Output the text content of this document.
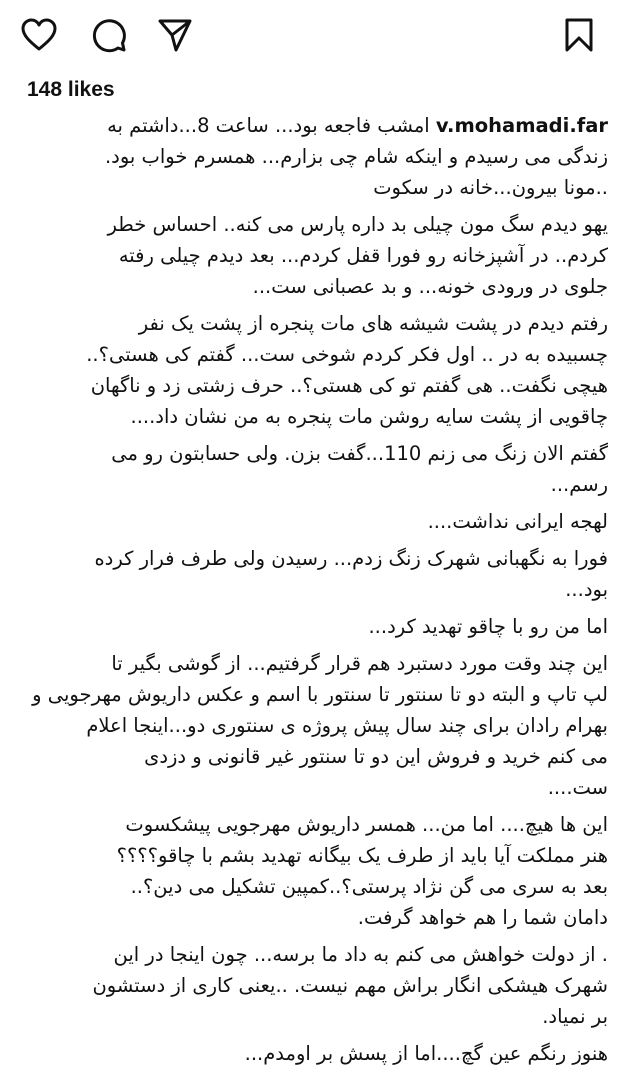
148 likes
v.mohamadi.far امشب فاجعه بود... ساعت 8...داشتم به
زندگی می رسیدم و اینکه شام چی بزارم... همسرم خواب بود.
..مونا بیرون...خانه در سکوت
یهو دیدم سگ مون چیلی بد داره پارس می کنه.. احساس خطر
کردم.. در آشپزخانه رو فورا قفل کردم... بعد دیدم چیلی رفته
جلوی در ورودی خونه... و بد عصبانی ست...
رفتم دیدم در پشت شیشه های مات پنجره از پشت یک نفر
چسبیده به در .. اول فکر کردم شوخی ست... گفتم کی هستی؟..
هیچی نگفت.. هی گفتم تو کی هستی؟.. حرف زشتی زد و ناگهان
چاقویی از پشت سایه روشن مات پنجره به من نشان داد....
گفتم الان زنگ می زنم 110...گفت بزن. ولی حسابتون رو می
رسم...
لهجه ایرانی نداشت....
فورا به نگهبانی شهرک زنگ زدم... رسیدن ولی طرف فرار کرده
بود...
اما من رو با چاقو تهدید کرد...
این چند وقت مورد دستبرد هم قرار گرفتیم... از گوشی بگیر تا
لپ تاپ و البته دو تا سنتور تا سنتور با اسم و عکس داریوش مهرجویی و
بهرام رادان برای چند سال پیش پروژه ی سنتوری دو...اینجا اعلام
می کنم خرید و فروش این دو تا سنتور غیر قانونی و دزدی
ست....
این ها هیچ.... اما من... همسر داریوش مهرجویی پیشکسوت
هنر مملکت آیا باید از طرف یک بیگانه تهدید بشم با چاقو؟؟؟؟
بعد به سری می گن نژاد پرستی؟..کمپین تشکیل می دین؟..
دامان شما را هم خواهد گرفت.
. از دولت خواهش می کنم به داد ما برسه... چون اینجا در این
شهرک هیشکی انگار براش مهم نیست. ..یعنی کاری از دستشون
بر نمیاد.
هنوز رنگم عین گچ....اما از پسش بر اومدم...
